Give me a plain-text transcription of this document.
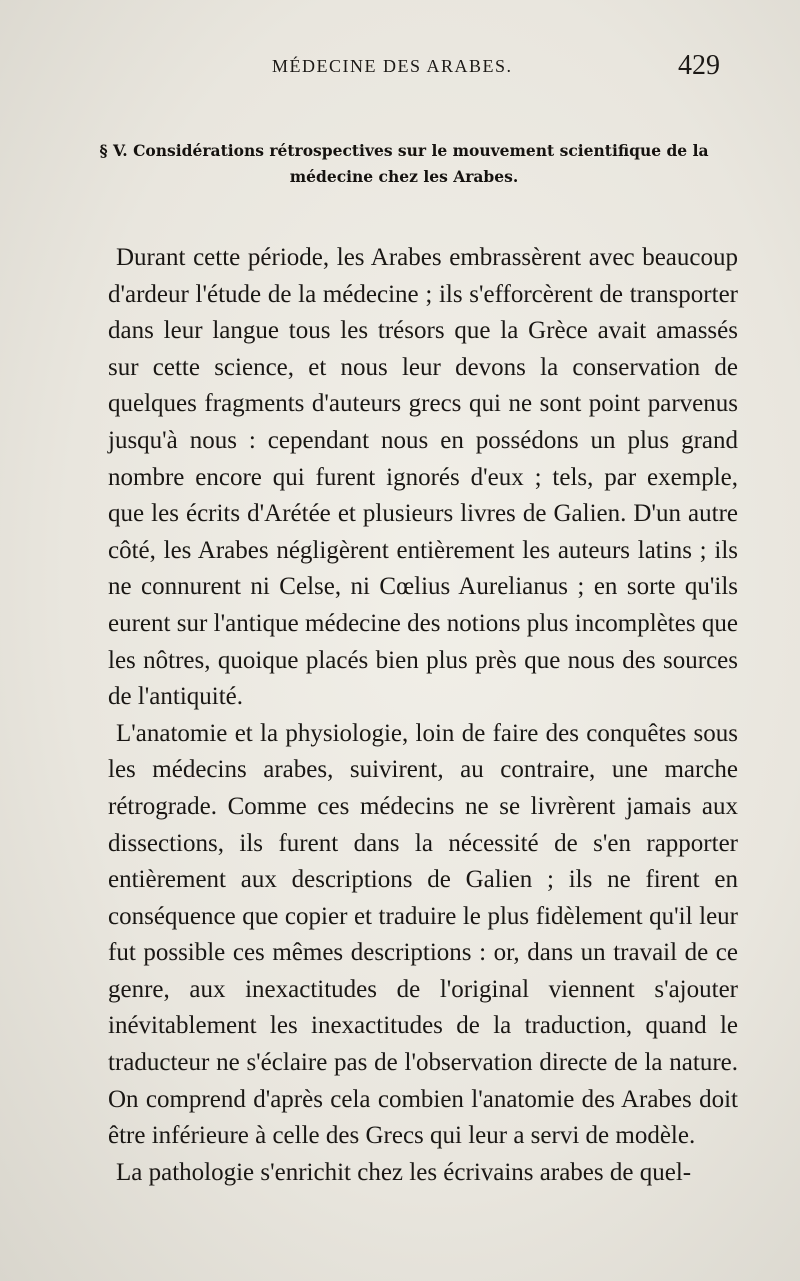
MÉDECINE DES ARABES.	429
§ V. Considérations rétrospectives sur le mouvement scientifique de la médecine chez les Arabes.

Durant cette période, les Arabes embrassèrent avec beaucoup d'ardeur l'étude de la médecine ; ils s'efforcèrent de transporter dans leur langue tous les trésors que la Grèce avait amassés sur cette science, et nous leur devons la conservation de quelques fragments d'auteurs grecs qui ne sont point parvenus jusqu'à nous : cependant nous en possédons un plus grand nombre encore qui furent ignorés d'eux ; tels, par exemple, que les écrits d'Arétée et plusieurs livres de Galien. D'un autre côté, les Arabes négligèrent entièrement les auteurs latins ; ils ne connurent ni Celse, ni Cœlius Aurelianus ; en sorte qu'ils eurent sur l'antique médecine des notions plus incomplètes que les nôtres, quoique placés bien plus près que nous des sources de l'antiquité.

L'anatomie et la physiologie, loin de faire des conquêtes sous les médecins arabes, suivirent, au contraire, une marche rétrograde. Comme ces médecins ne se livrèrent jamais aux dissections, ils furent dans la nécessité de s'en rapporter entièrement aux descriptions de Galien ; ils ne firent en conséquence que copier et traduire le plus fidèlement qu'il leur fut possible ces mêmes descriptions : or, dans un travail de ce genre, aux inexactitudes de l'original viennent s'ajouter inévitablement les inexactitudes de la traduction, quand le traducteur ne s'éclaire pas de l'observation directe de la nature. On comprend d'après cela combien l'anatomie des Arabes doit être inférieure à celle des Grecs qui leur a servi de modèle.

La pathologie s'enrichit chez les écrivains arabes de quel-
